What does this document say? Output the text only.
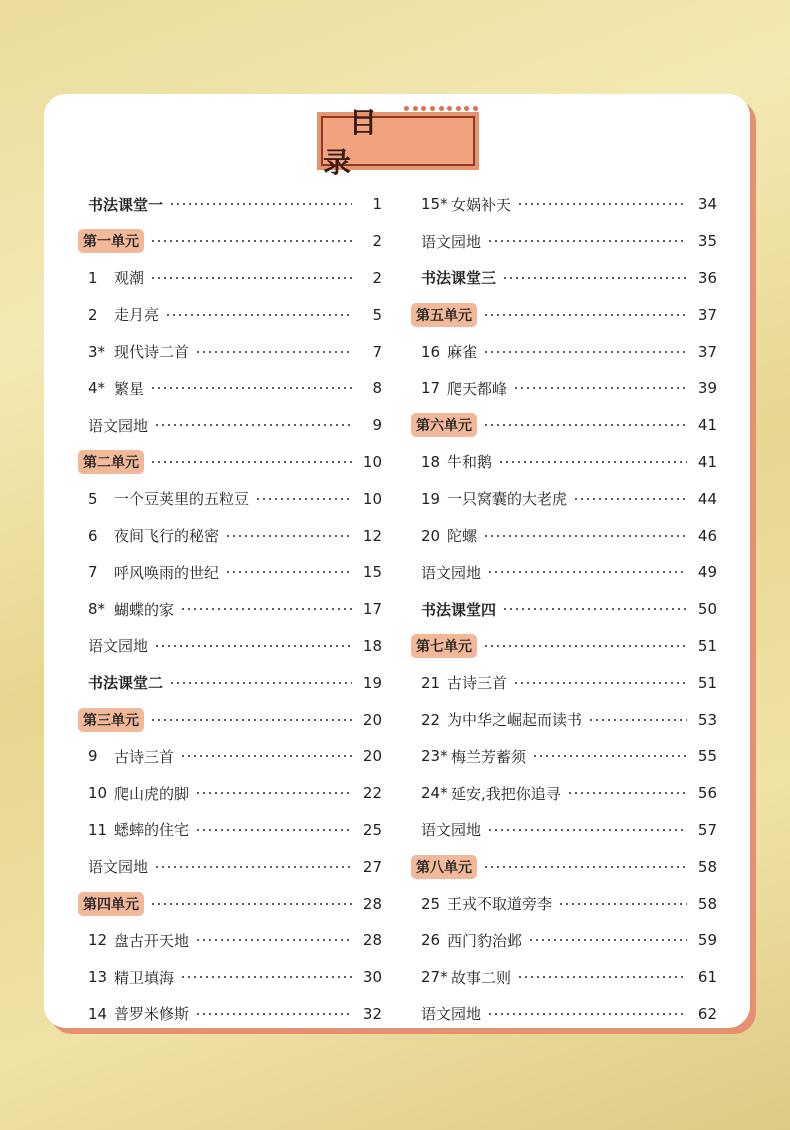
目 录
书法课堂一	1
第一单元	2
1	观潮	2
2	走月亮	5
3* 现代诗二首	7
4* 繁星	8
语文园地	9
第二单元	10
5	一个豆荚里的五粒豆	10
6	夜间飞行的秘密	12
7	呼风唤雨的世纪	15
8* 蝴蝶的家	17
语文园地	18
书法课堂二	19
第三单元	20
9	古诗三首	20
10 爬山虎的脚	22
11 蟋蟀的住宅	25
语文园地	27
第四单元	28
12 盘古开天地	28
13 精卫填海	30
14 普罗米修斯	32
15* 女娲补天	34
语文园地	35
书法课堂三	36
第五单元	37
16 麻雀	37
17 爬天都峰	39
第六单元	41
18 牛和鹅	41
19 一只窝囊的大老虎	44
20 陀螺	46
语文园地	49
书法课堂四	50
第七单元	51
21 古诗三首	51
22 为中华之崛起而读书	53
23* 梅兰芳蓄须	55
24* 延安,我把你追寻	56
语文园地	57
第八单元	58
25 王戎不取道旁李	58
26 西门豹治邺	59
27* 故事二则	61
语文园地	62
